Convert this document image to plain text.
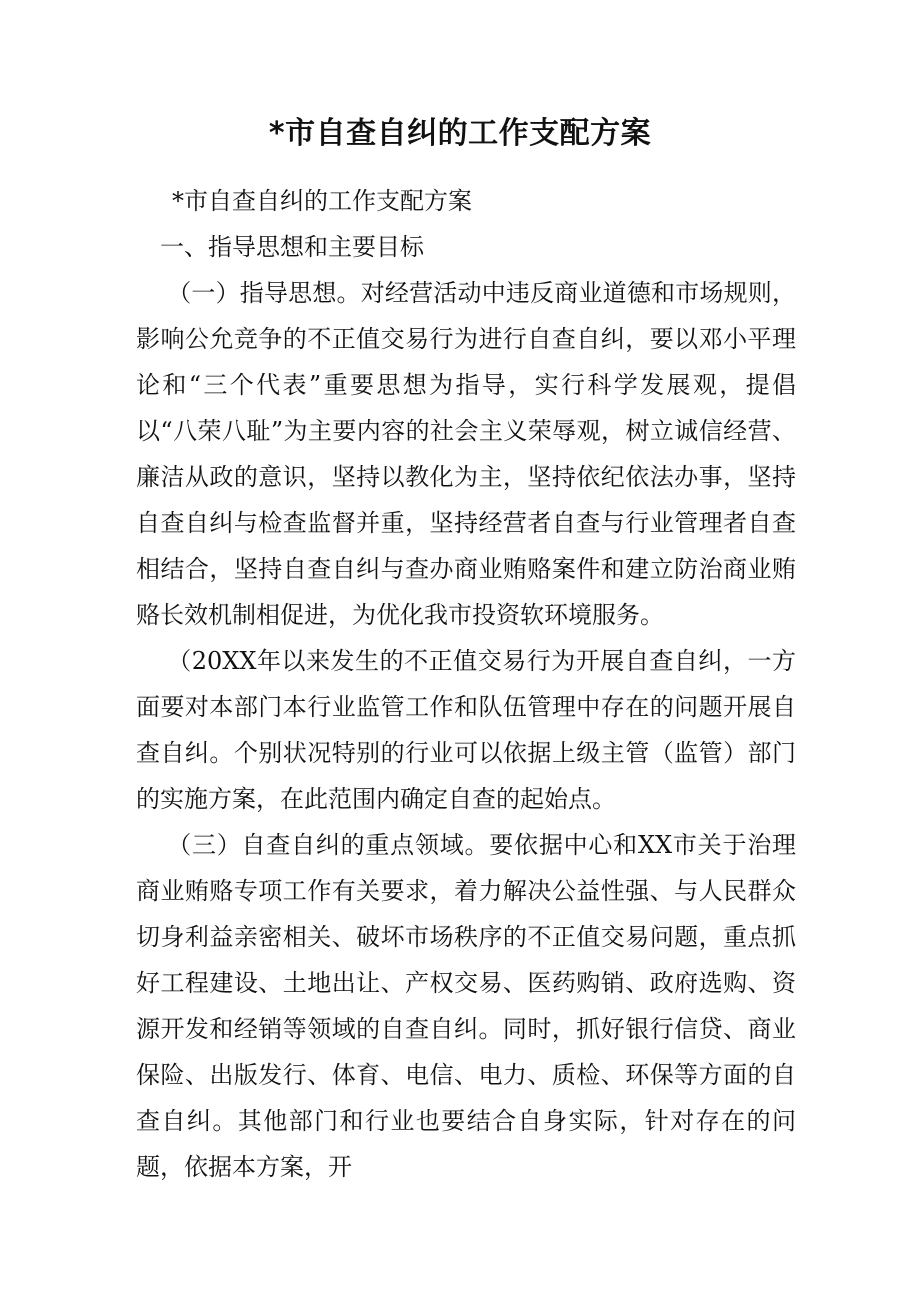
*市自查自纠的工作支配方案

*市自查自纠的工作支配方案

一、指导思想和主要目标

（一）指导思想。对经营活动中违反商业道德和市场规则，影响公允竞争的不正值交易行为进行自查自纠，要以邓小平理论和“三个代表”重要思想为指导，实行科学发展观，提倡以“八荣八耻”为主要内容的社会主义荣辱观，树立诚信经营、廉洁从政的意识，坚持以教化为主，坚持依纪依法办事，坚持自查自纠与检查监督并重，坚持经营者自查与行业管理者自查相结合，坚持自查自纠与查办商业贿赂案件和建立防治商业贿赂长效机制相促进，为优化我市投资软环境服务。

（20XX年以来发生的不正值交易行为开展自查自纠，一方面要对本部门本行业监管工作和队伍管理中存在的问题开展自查自纠。个别状况特别的行业可以依据上级主管（监管）部门的实施方案，在此范围内确定自查的起始点。

（三）自查自纠的重点领域。要依据中心和XX市关于治理商业贿赂专项工作有关要求，着力解决公益性强、与人民群众切身利益亲密相关、破坏市场秩序的不正值交易问题，重点抓好工程建设、土地出让、产权交易、医药购销、政府选购、资源开发和经销等领域的自查自纠。同时，抓好银行信贷、商业保险、出版发行、体育、电信、电力、质检、环保等方面的自查自纠。其他部门和行业也要结合自身实际，针对存在的问题，依据本方案，开
